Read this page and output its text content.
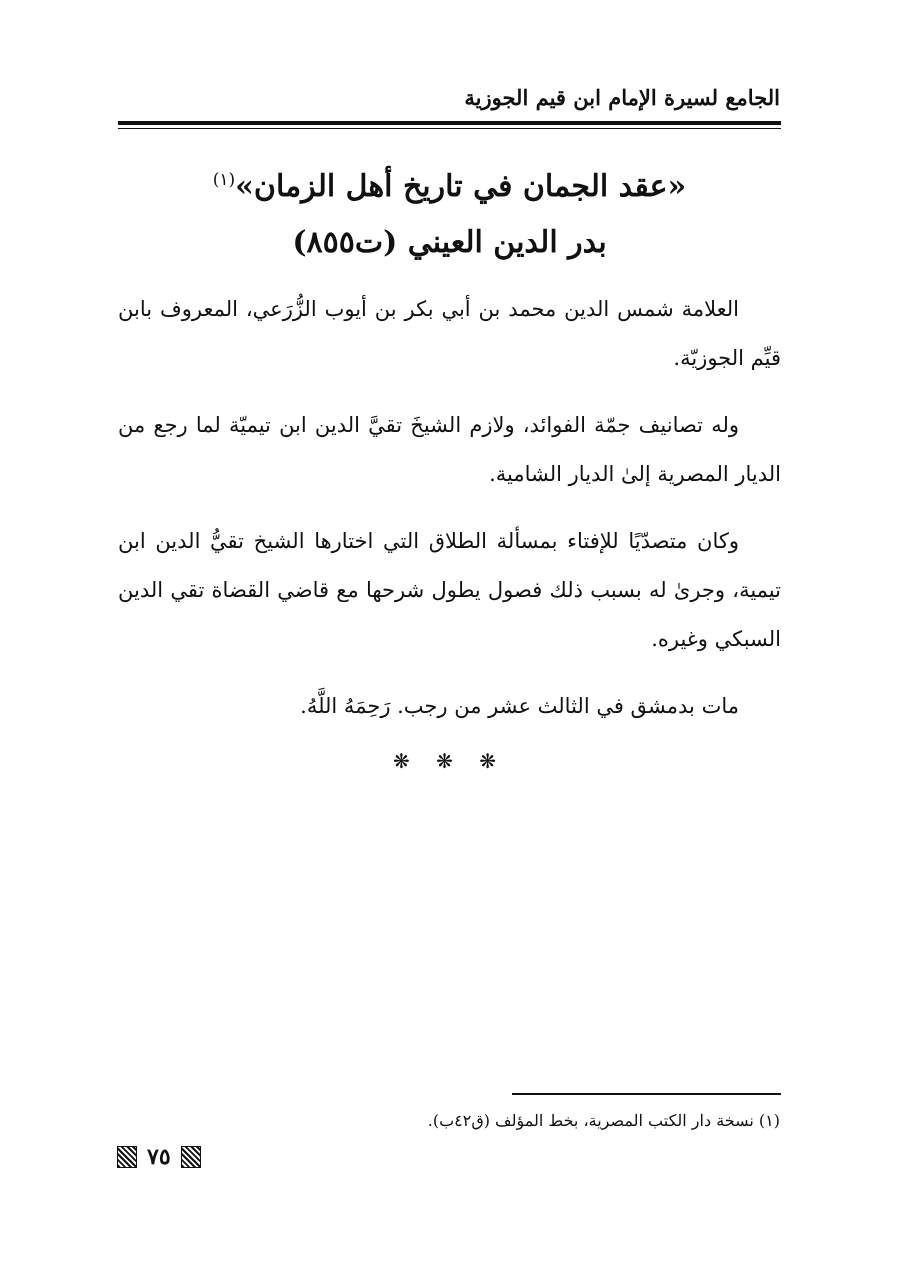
الجامع لسيرة الإمام ابن قيم الجوزية
«عقد الجمان في تاريخ أهل الزمان»$^{(١)}$
بدر الدين العيني (ت٨٥٥)

العلامة شمس الدين محمد بن أبي بكر بن أيوب الزُّرَعي، المعروف بابن قيِّم الجوزيّة.

وله تصانيف جمّة الفوائد، ولازم الشيخَ تقيَّ الدين ابن تيميّة لما رجع من الديار المصرية إلىٰ الديار الشامية.

وكان متصدّيًا للإفتاء بمسألة الطلاق التي اختارها الشيخ تقيُّ الدين ابن تيمية، وجرىٰ له بسبب ذلك فصول يطول شرحها مع قاضي القضاة تقي الدين السبكي وغيره.

مات بدمشق في الثالث عشر من رجب. رَحِمَهُ اللَّهُ.

❋ ❋ ❋
(١) نسخة دار الكتب المصرية، بخط المؤلف (ق٤٢ب).
٧٥
